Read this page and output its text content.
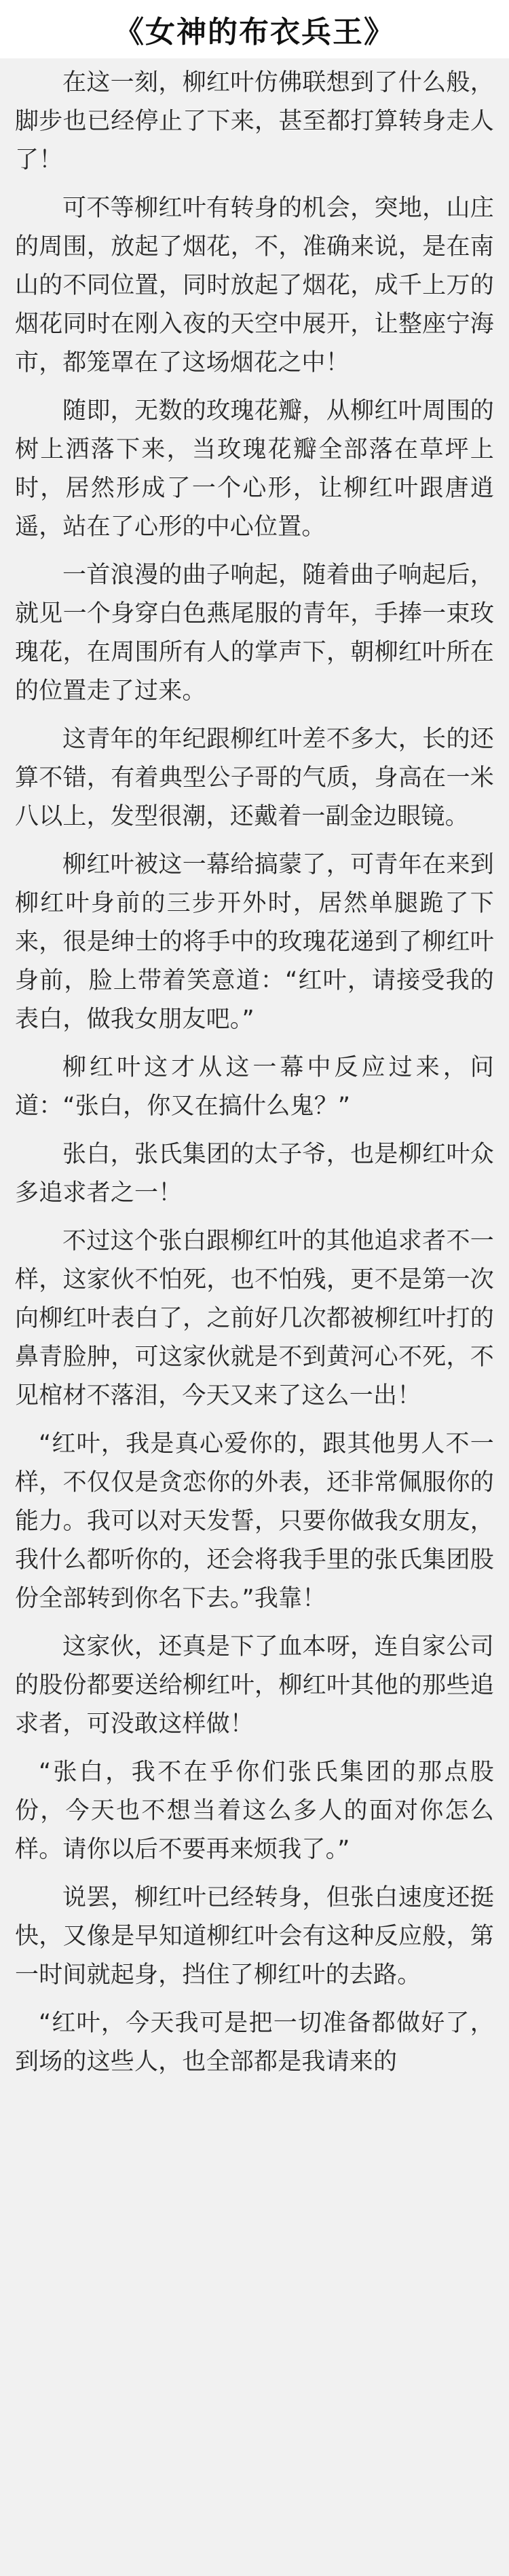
《女神的布衣兵王》

在这一刻，柳红叶仿佛联想到了什么般，脚步也已经停止了下来，甚至都打算转身走人了！

可不等柳红叶有转身的机会，突地，山庄的周围，放起了烟花，不，准确来说，是在南山的不同位置，同时放起了烟花，成千上万的烟花同时在刚入夜的天空中展开，让整座宁海市，都笼罩在了这场烟花之中！

随即，无数的玫瑰花瓣，从柳红叶周围的树上洒落下来，当玫瑰花瓣全部落在草坪上时，居然形成了一个心形，让柳红叶跟唐逍遥，站在了心形的中心位置。

一首浪漫的曲子响起，随着曲子响起后，就见一个身穿白色燕尾服的青年，手捧一束玫瑰花，在周围所有人的掌声下，朝柳红叶所在的位置走了过来。

这青年的年纪跟柳红叶差不多大，长的还算不错，有着典型公子哥的气质，身高在一米八以上，发型很潮，还戴着一副金边眼镜。

柳红叶被这一幕给搞蒙了，可青年在来到柳红叶身前的三步开外时，居然单腿跪了下来，很是绅士的将手中的玫瑰花递到了柳红叶身前，脸上带着笑意道：“红叶，请接受我的表白，做我女朋友吧。”

柳红叶这才从这一幕中反应过来，问道：“张白，你又在搞什么鬼？”

张白，张氏集团的太子爷，也是柳红叶众多追求者之一！

不过这个张白跟柳红叶的其他追求者不一样，这家伙不怕死，也不怕残，更不是第一次向柳红叶表白了，之前好几次都被柳红叶打的鼻青脸肿，可这家伙就是不到黄河心不死，不见棺材不落泪，今天又来了这么一出！

“红叶，我是真心爱你的，跟其他男人不一样，不仅仅是贪恋你的外表，还非常佩服你的能力。我可以对天发誓，只要你做我女朋友，我什么都听你的，还会将我手里的张氏集团股份全部转到你名下去。”我靠！

这家伙，还真是下了血本呀，连自家公司的股份都要送给柳红叶，柳红叶其他的那些追求者，可没敢这样做！

“张白，我不在乎你们张氏集团的那点股份，今天也不想当着这么多人的面对你怎么样。请你以后不要再来烦我了。”

说罢，柳红叶已经转身，但张白速度还挺快，又像是早知道柳红叶会有这种反应般，第一时间就起身，挡住了柳红叶的去路。

“红叶，今天我可是把一切准备都做好了，到场的这些人，也全部都是我请来的
